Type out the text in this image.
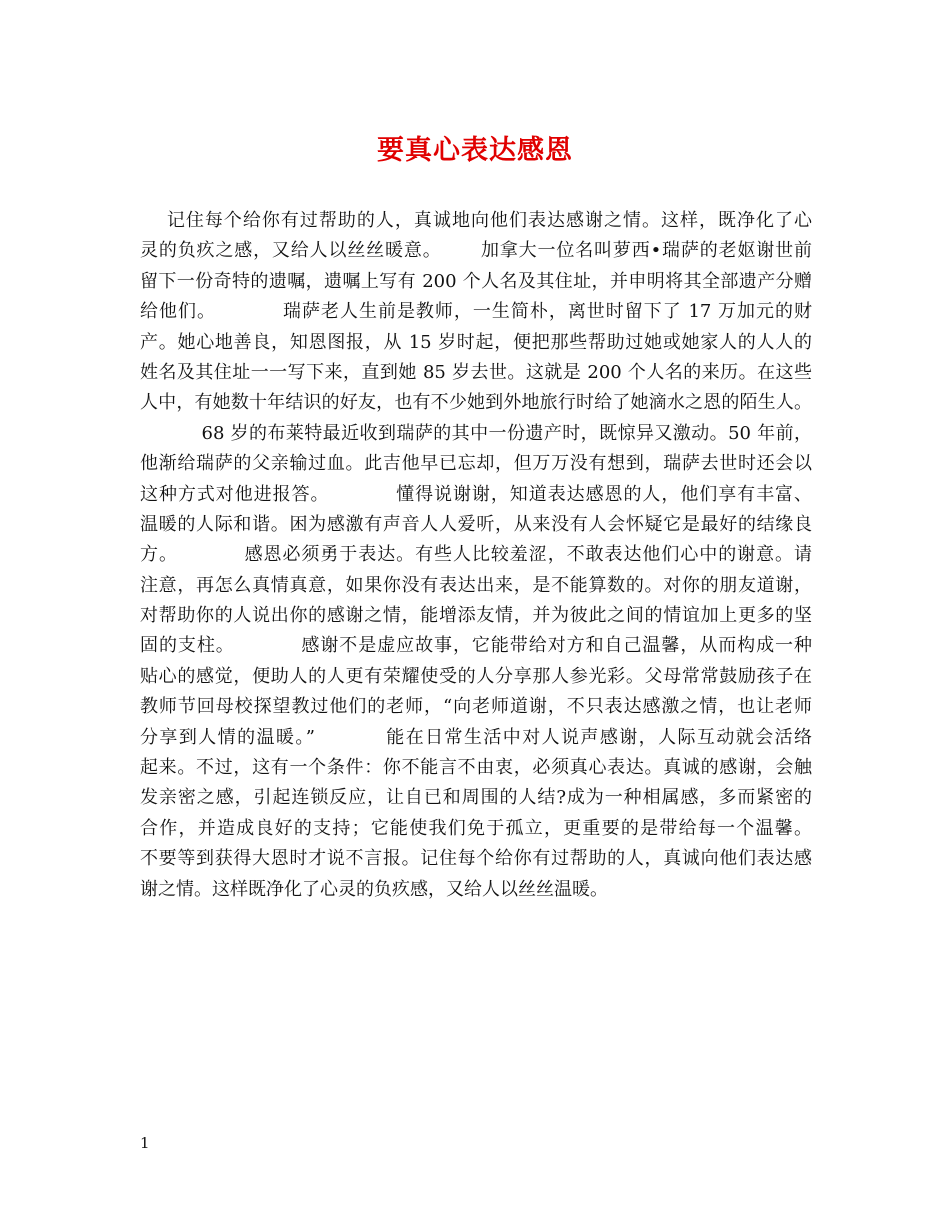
要真心表达感恩
记住每个给你有过帮助的人，真诚地向他们表达感谢之情。这样，既净化了心
灵的负疚之感，又给人以丝丝暖意。      加拿大一位名叫萝西•瑞萨的老妪谢世前
留下一份奇特的遗嘱，遗嘱上写有 200 个人名及其住址，并申明将其全部遗产分赠
给他们。          瑞萨老人生前是教师，一生简朴，离世时留下了 17 万加元的财
产。她心地善良，知恩图报，从 15 岁时起，便把那些帮助过她或她家人的人人的
姓名及其住址一一写下来，直到她 85 岁去世。这就是 200 个人名的来历。在这些
人中，有她数十年结识的好友，也有不少她到外地旅行时给了她滴水之恩的陌生人。
68 岁的布莱特最近收到瑞萨的其中一份遗产时，既惊异又激动。50 年前，
他渐给瑞萨的父亲输过血。此吉他早已忘却，但万万没有想到，瑞萨去世时还会以
这种方式对他进报答。          懂得说谢谢，知道表达感恩的人，他们享有丰富、
温暖的人际和谐。困为感激有声音人人爱听，从来没有人会怀疑它是最好的结缘良
方。          感恩必须勇于表达。有些人比较羞涩，不敢表达他们心中的谢意。请
注意，再怎么真情真意，如果你没有表达出来，是不能算数的。对你的朋友道谢，
对帮助你的人说出你的感谢之情，能增添友情，并为彼此之间的情谊加上更多的坚
固的支柱。          感谢不是虚应故事，它能带给对方和自己温馨，从而构成一种
贴心的感觉，便助人的人更有荣耀使受的人分享那人参光彩。父母常常鼓励孩子在
教师节回母校探望教过他们的老师，“向老师道谢，不只表达感激之情，也让老师
分享到人情的温暖。”          能在日常生活中对人说声感谢，人际互动就会活络
起来。不过，这有一个条件：你不能言不由衷，必须真心表达。真诚的感谢，会触
发亲密之感，引起连锁反应，让自已和周围的人结?成为一种相属感，多而紧密的
合作，并造成良好的支持；它能使我们免于孤立，更重要的是带给每一个温馨。
不要等到获得大恩时才说不言报。记住每个给你有过帮助的人，真诚向他们表达感
谢之情。这样既净化了心灵的负疚感，又给人以丝丝温暖。
1
